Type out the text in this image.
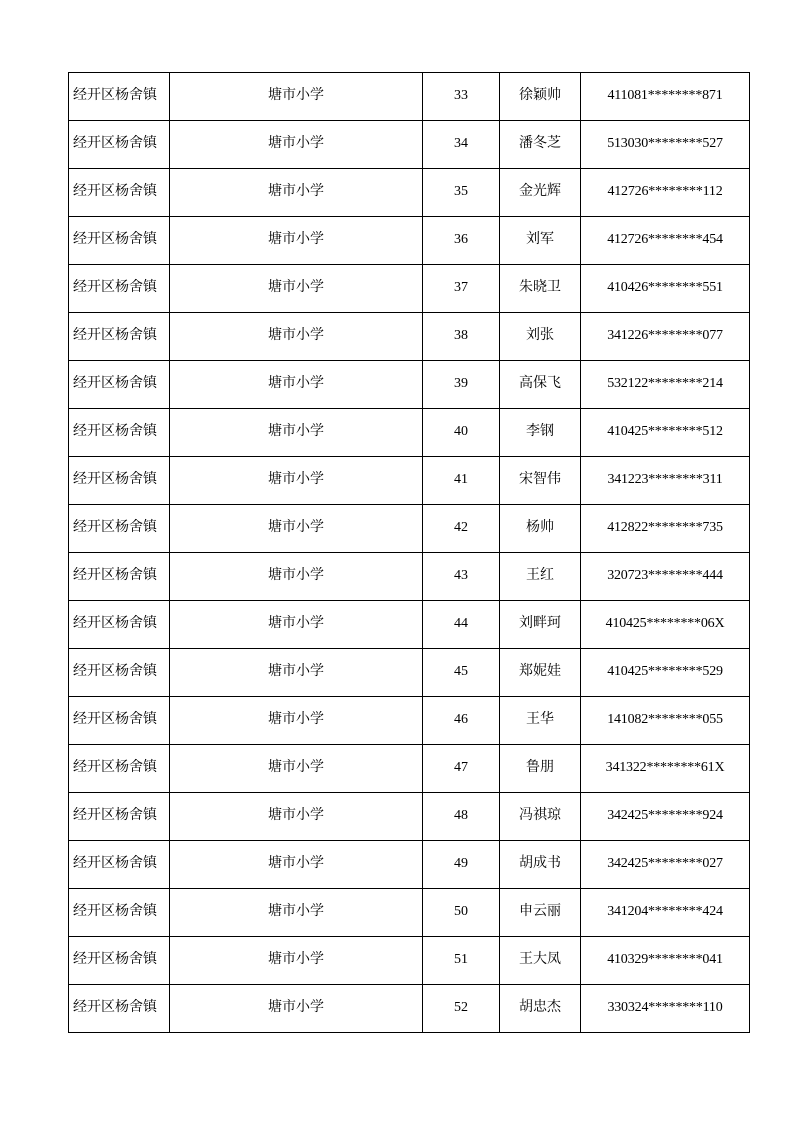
经开区杨舍镇	塘市小学	33	徐颖帅	411081********871
经开区杨舍镇	塘市小学	34	潘冬芝	513030********527
经开区杨舍镇	塘市小学	35	金光辉	412726********112
经开区杨舍镇	塘市小学	36	刘军	412726********454
经开区杨舍镇	塘市小学	37	朱晓卫	410426********551
经开区杨舍镇	塘市小学	38	刘张	341226********077
经开区杨舍镇	塘市小学	39	高保飞	532122********214
经开区杨舍镇	塘市小学	40	李钢	410425********512
经开区杨舍镇	塘市小学	41	宋智伟	341223********311
经开区杨舍镇	塘市小学	42	杨帅	412822********735
经开区杨舍镇	塘市小学	43	王红	320723********444
经开区杨舍镇	塘市小学	44	刘畔珂	410425********06X
经开区杨舍镇	塘市小学	45	郑妮娃	410425********529
经开区杨舍镇	塘市小学	46	王华	141082********055
经开区杨舍镇	塘市小学	47	鲁朋	341322********61X
经开区杨舍镇	塘市小学	48	冯祺琼	342425********924
经开区杨舍镇	塘市小学	49	胡成书	342425********027
经开区杨舍镇	塘市小学	50	申云丽	341204********424
经开区杨舍镇	塘市小学	51	王大凤	410329********041
经开区杨舍镇	塘市小学	52	胡忠杰	330324********110
